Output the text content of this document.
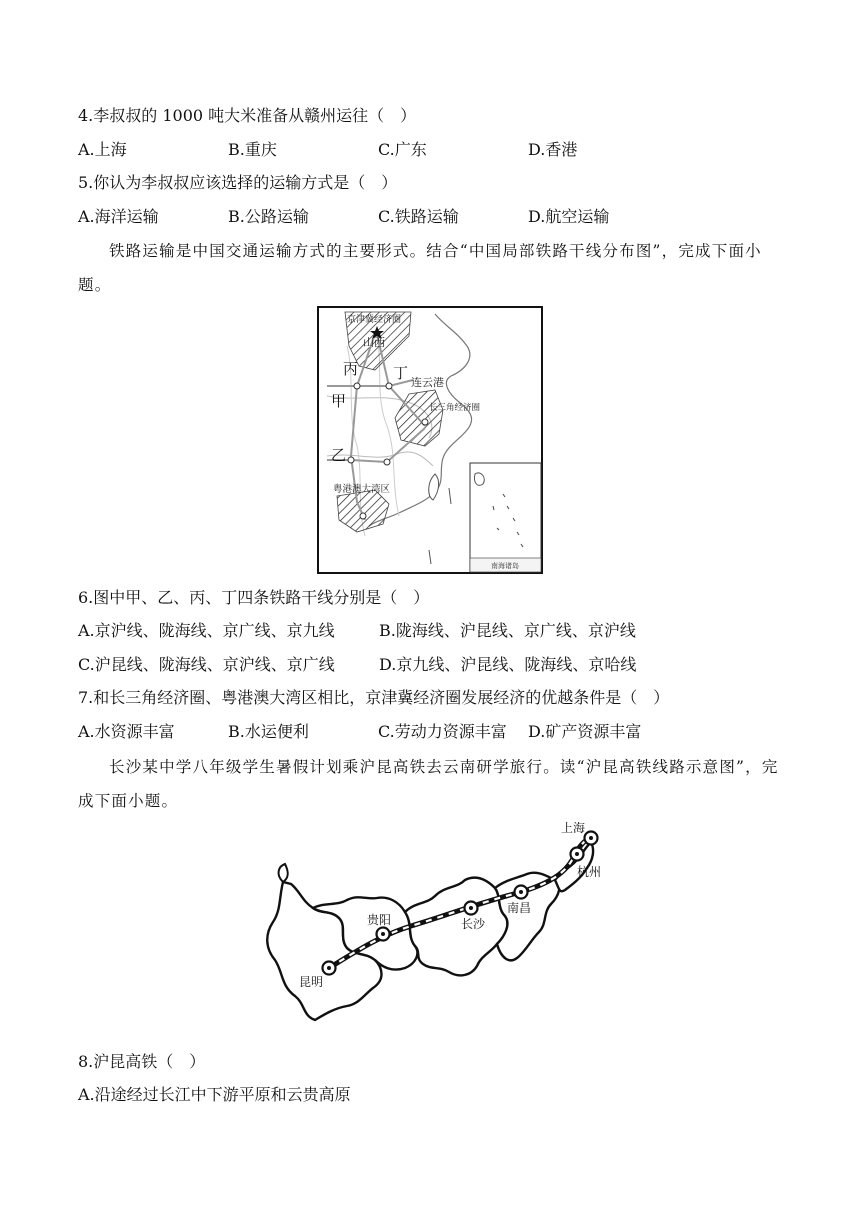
4.李叔叔的 1000 吨大米准备从赣州运往（　）
A.上海	B.重庆	C.广东	D.香港
5.你认为李叔叔应该选择的运输方式是（　）
A.海洋运输	B.公路运输	C.铁路运输	D.航空运输
铁路运输是中国交通运输方式的主要形式。结合“中国局部铁路干线分布图”，完成下面小题。
南海诸岛
京津冀经济圈
山西
丙 丁
连云港
甲	长三角经济圈
乙
粤港澳大湾区
6.图中甲、乙、丙、丁四条铁路干线分别是（　）
A.京沪线、陇海线、京广线、京九线	B.陇海线、沪昆线、京广线、京沪线
C.沪昆线、陇海线、京沪线、京广线	D.京九线、沪昆线、陇海线、京哈线
7.和长三角经济圈、粤港澳大湾区相比，京津冀经济圈发展经济的优越条件是（　）
A.水资源丰富	B.水运便利	C.劳动力资源丰富 D.矿产资源丰富
长沙某中学八年级学生暑假计划乘沪昆高铁去云南研学旅行。读“沪昆高铁线路示意图”，完成下面小题。
上海
杭州
南昌
长沙
贵阳
昆明
8.沪昆高铁（　）
A.沿途经过长江中下游平原和云贵高原
